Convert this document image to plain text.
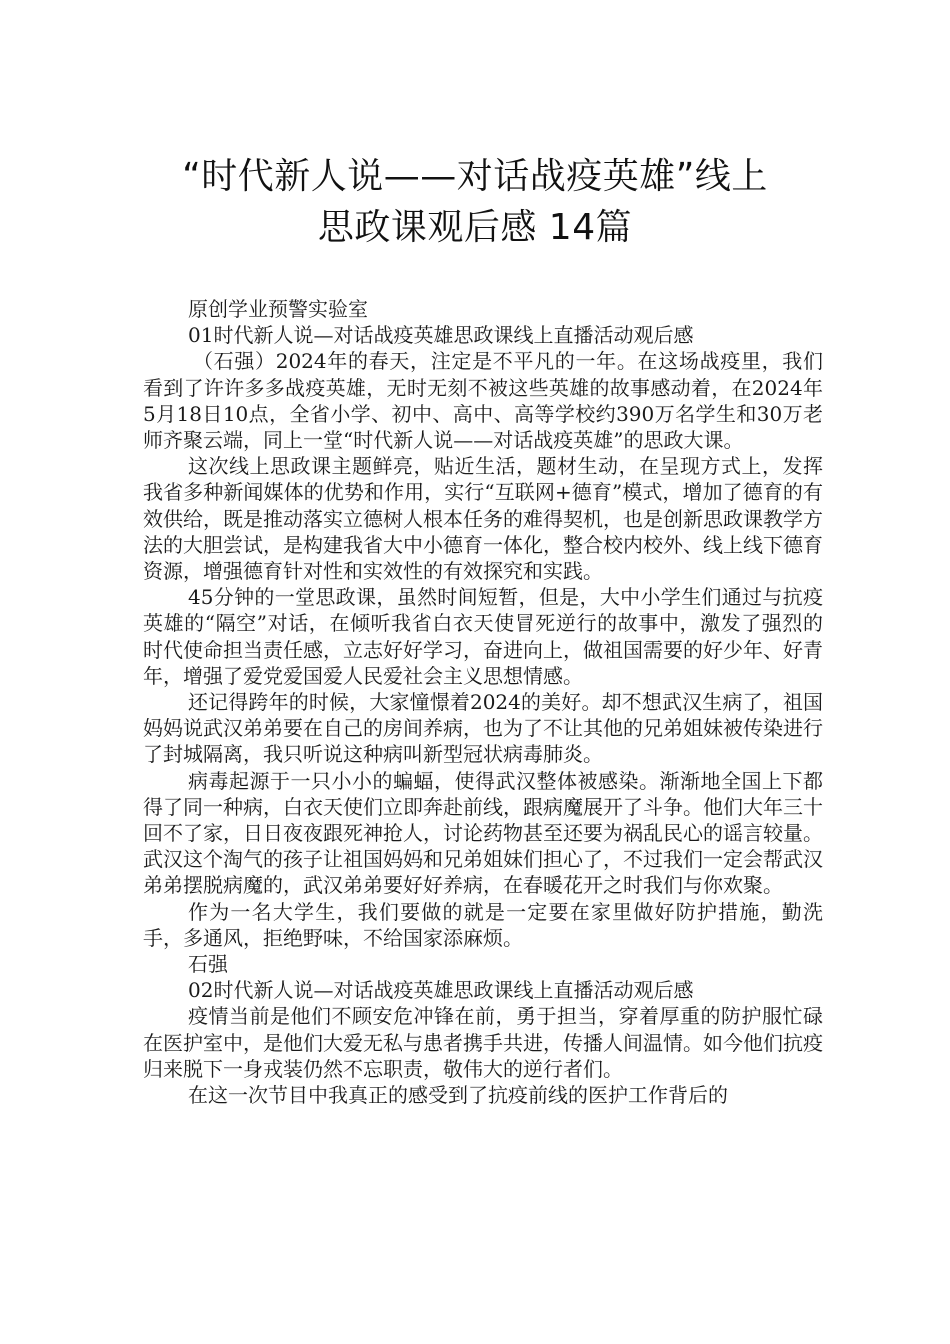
“时代新人说——对话战疫英雄”线上
思政课观后感 14篇

原创学业预警实验室

01时代新人说—对话战疫英雄思政课线上直播活动观后感

（石强）2024年的春天，注定是不平凡的一年。在这场战疫里，我们看到了许许多多战疫英雄，无时无刻不被这些英雄的故事感动着，在2024年5月18日10点，全省小学、初中、高中、高等学校约390万名学生和30万老师齐聚云端，同上一堂“时代新人说——对话战疫英雄”的思政大课。

这次线上思政课主题鲜亮，贴近生活，题材生动，在呈现方式上，发挥我省多种新闻媒体的优势和作用，实行“互联网+德育”模式，增加了德育的有效供给，既是推动落实立德树人根本任务的难得契机，也是创新思政课教学方法的大胆尝试，是构建我省大中小德育一体化，整合校内校外、线上线下德育资源，增强德育针对性和实效性的有效探究和实践。

45分钟的一堂思政课，虽然时间短暂，但是，大中小学生们通过与抗疫英雄的“隔空”对话，在倾听我省白衣天使冒死逆行的故事中，激发了强烈的时代使命担当责任感，立志好好学习，奋进向上，做祖国需要的好少年、好青年，增强了爱党爱国爱人民爱社会主义思想情感。

还记得跨年的时候，大家憧憬着2024的美好。却不想武汉生病了，祖国妈妈说武汉弟弟要在自己的房间养病，也为了不让其他的兄弟姐妹被传染进行了封城隔离，我只听说这种病叫新型冠状病毒肺炎。

病毒起源于一只小小的蝙蝠，使得武汉整体被感染。渐渐地全国上下都得了同一种病，白衣天使们立即奔赴前线，跟病魔展开了斗争。他们大年三十回不了家，日日夜夜跟死神抢人，讨论药物甚至还要为祸乱民心的谣言较量。武汉这个淘气的孩子让祖国妈妈和兄弟姐妹们担心了，不过我们一定会帮武汉弟弟摆脱病魔的，武汉弟弟要好好养病，在春暖花开之时我们与你欢聚。

作为一名大学生，我们要做的就是一定要在家里做好防护措施，勤洗手，多通风，拒绝野味，不给国家添麻烦。

石强

02时代新人说—对话战疫英雄思政课线上直播活动观后感

疫情当前是他们不顾安危冲锋在前，勇于担当，穿着厚重的防护服忙碌在医护室中，是他们大爱无私与患者携手共进，传播人间温情。如今他们抗疫归来脱下一身戎装仍然不忘职责，敬伟大的逆行者们。

在这一次节目中我真正的感受到了抗疫前线的医护工作背后的
